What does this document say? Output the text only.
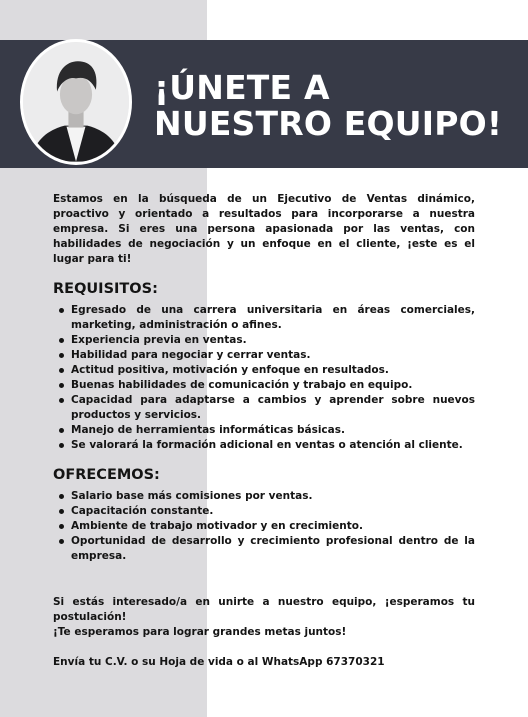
¡ÚNETE A NUESTRO EQUIPO!

Estamos en la búsqueda de un Ejecutivo de Ventas dinámico, proactivo y orientado a resultados para incorporarse a nuestra empresa. Si eres una persona apasionada por las ventas, con habilidades de negociación y un enfoque en el cliente, ¡este es el lugar para ti!

REQUISITOS:
Egresado de una carrera universitaria en áreas comerciales, marketing, administración o afines.
Experiencia previa en ventas.
Habilidad para negociar y cerrar ventas.
Actitud positiva, motivación y enfoque en resultados.
Buenas habilidades de comunicación y trabajo en equipo.
Capacidad para adaptarse a cambios y aprender sobre nuevos productos y servicios.
Manejo de herramientas informáticas básicas.
Se valorará la formación adicional en ventas o atención al cliente.
OFRECEMOS:
Salario base más comisiones por ventas.
Capacitación constante.
Ambiente de trabajo motivador y en crecimiento.
Oportunidad de desarrollo y crecimiento profesional dentro de la empresa.

Si estás interesado/a en unirte a nuestro equipo, ¡esperamos tu postulación!

¡Te esperamos para lograr grandes metas juntos!

Envía tu C.V. o su Hoja de vida o al WhatsApp 67370321
